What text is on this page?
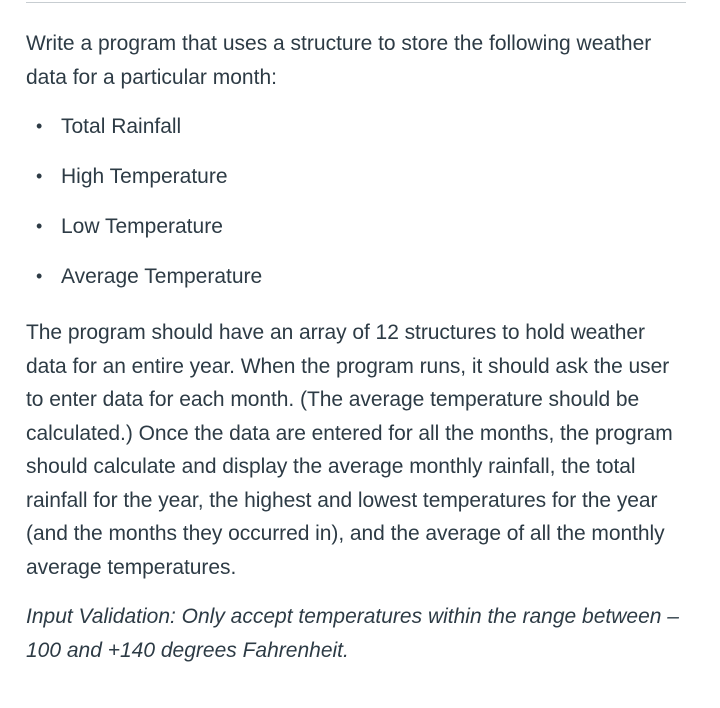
Write a program that uses a structure to store the following weather data for a particular month:

• Total Rainfall
• High Temperature
• Low Temperature
• Average Temperature

The program should have an array of 12 structures to hold weather data for an entire year. When the program runs, it should ask the user to enter data for each month. (The average temperature should be calculated.) Once the data are entered for all the months, the program should calculate and display the average monthly rainfall, the total rainfall for the year, the highest and lowest temperatures for the year (and the months they occurred in), and the average of all the monthly average temperatures.

Input Validation: Only accept temperatures within the range between –100 and +140 degrees Fahrenheit.
